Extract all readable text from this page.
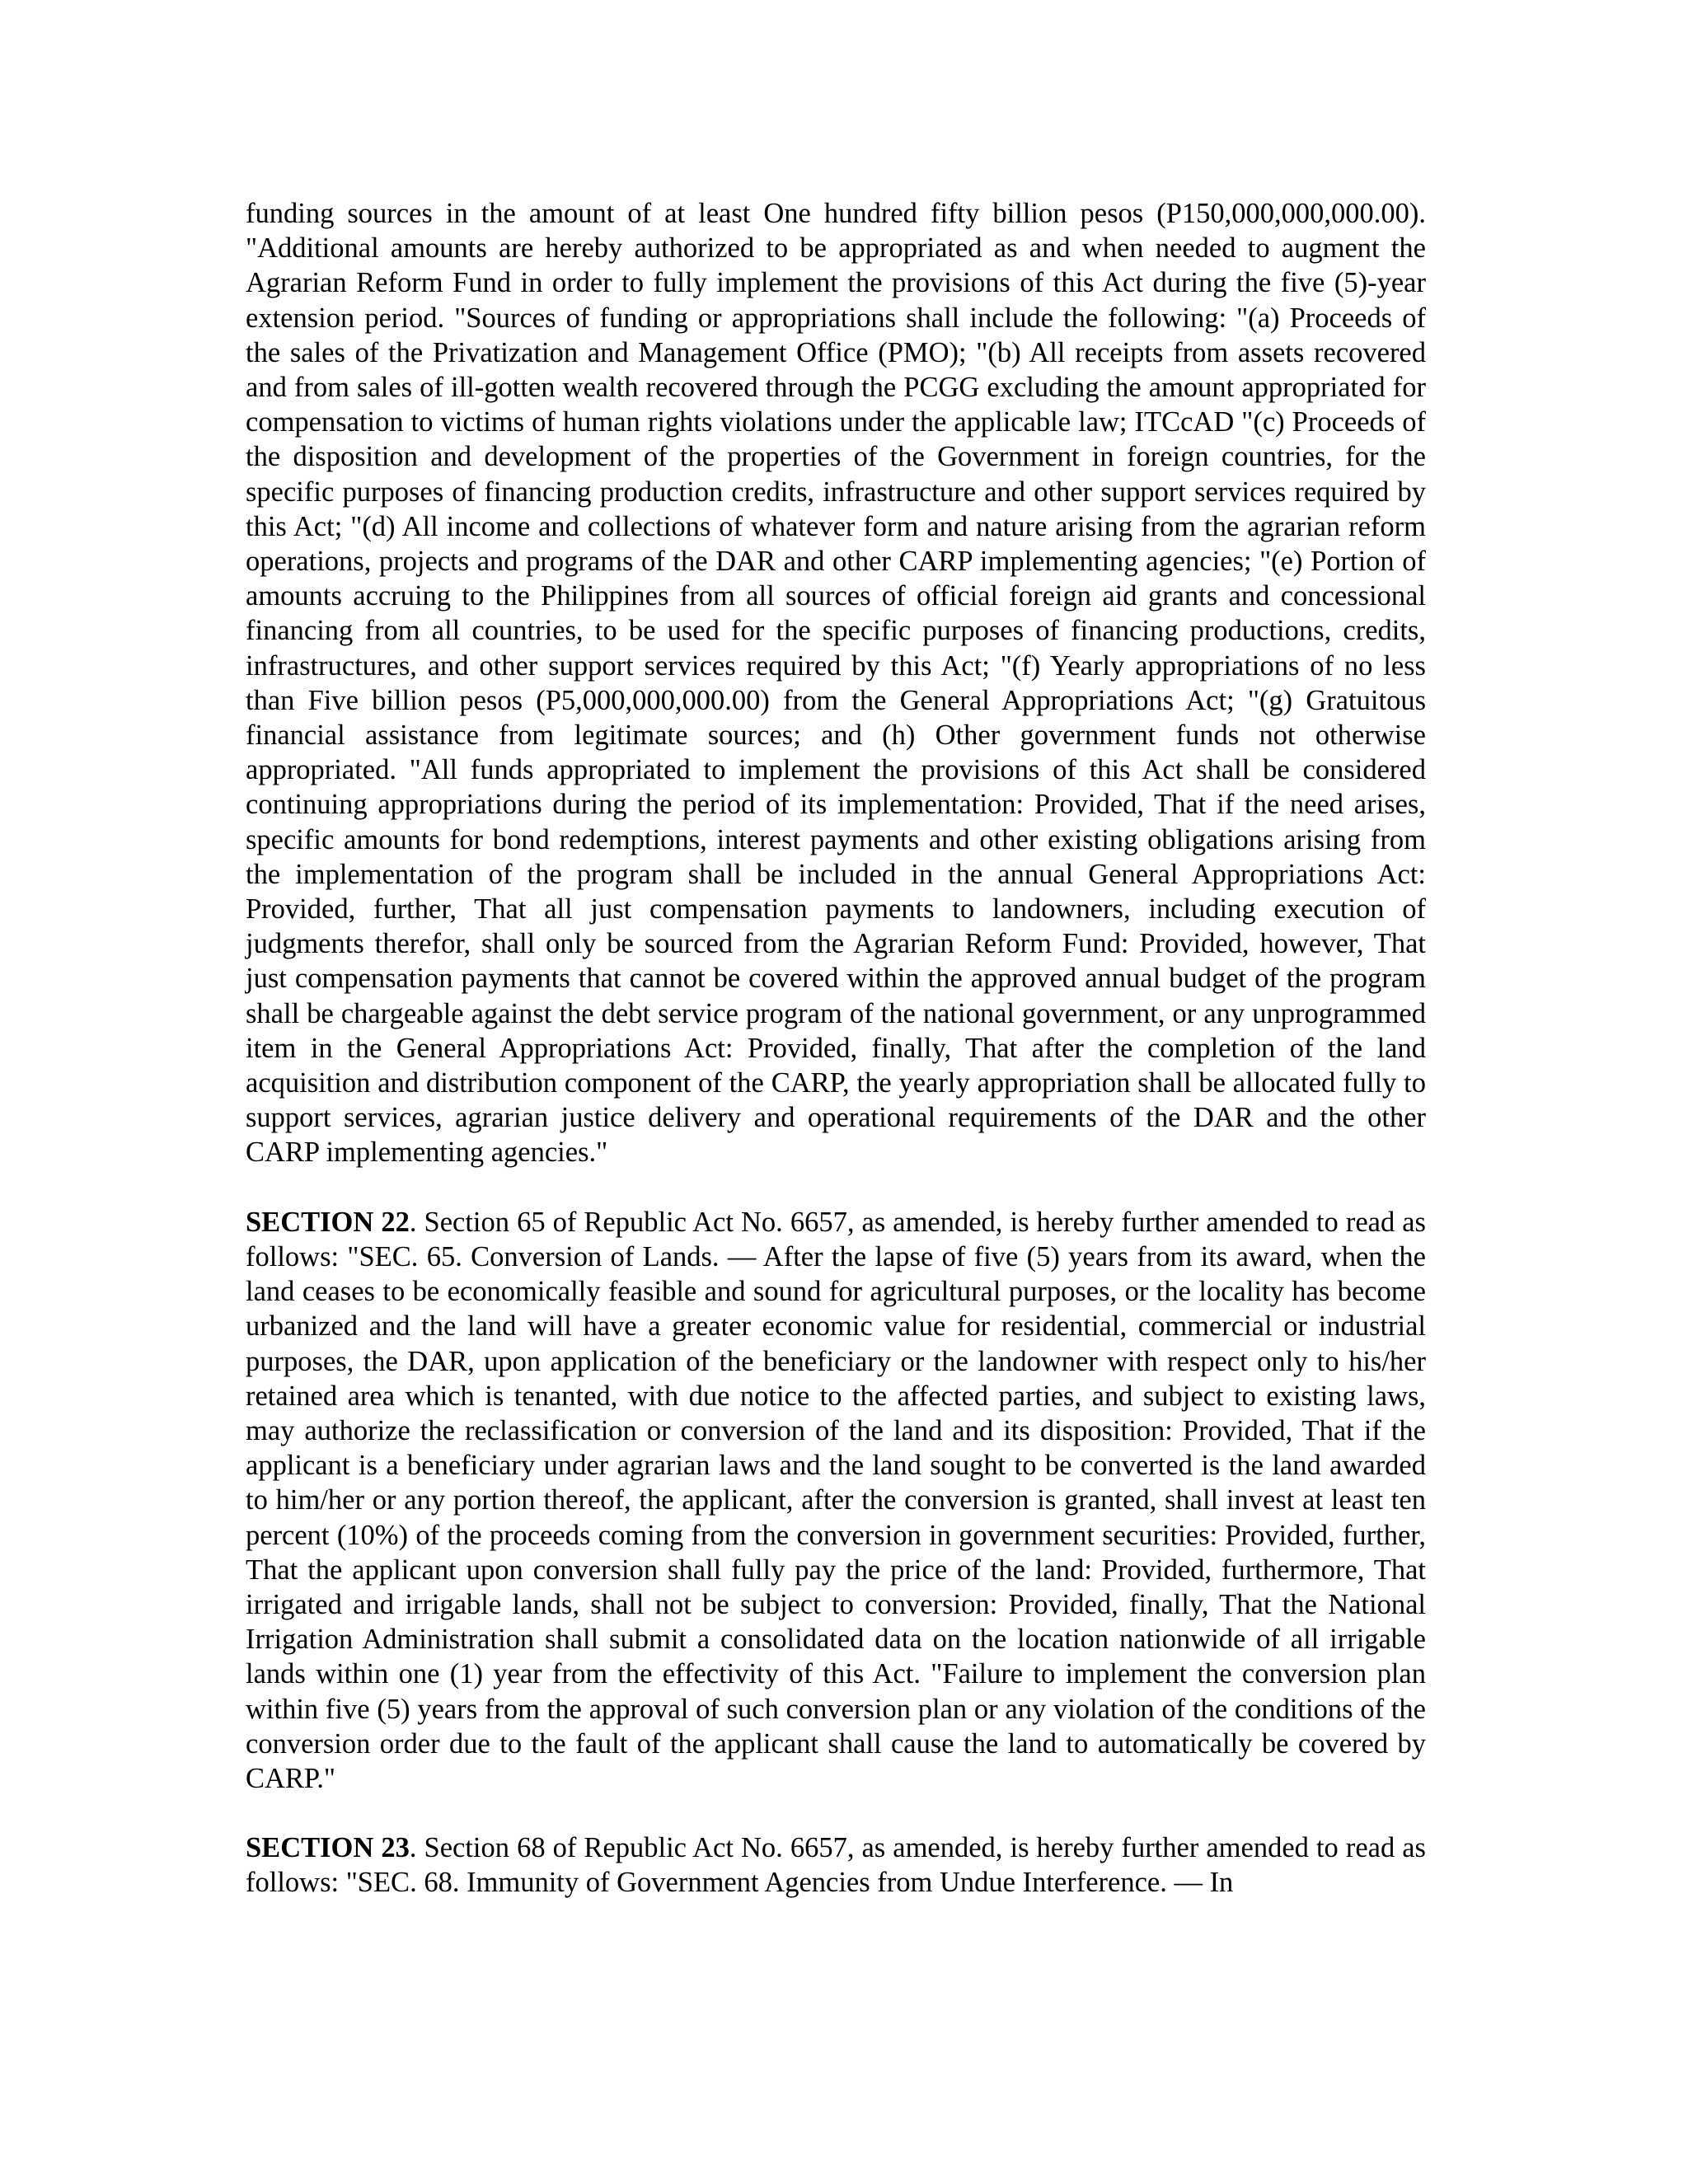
funding sources in the amount of at least One hundred fifty billion pesos (P150,000,000,000.00). "Additional amounts are hereby authorized to be appropriated as and when needed to augment the Agrarian Reform Fund in order to fully implement the provisions of this Act during the five (5)-year extension period. "Sources of funding or appropriations shall include the following: "(a) Proceeds of the sales of the Privatization and Management Office (PMO); "(b) All receipts from assets recovered and from sales of ill-gotten wealth recovered through the PCGG excluding the amount appropriated for compensation to victims of human rights violations under the applicable law; ITCcAD "(c) Proceeds of the disposition and development of the properties of the Government in foreign countries, for the specific purposes of financing production credits, infrastructure and other support services required by this Act; "(d) All income and collections of whatever form and nature arising from the agrarian reform operations, projects and programs of the DAR and other CARP implementing agencies; "(e) Portion of amounts accruing to the Philippines from all sources of official foreign aid grants and concessional financing from all countries, to be used for the specific purposes of financing productions, credits, infrastructures, and other support services required by this Act; "(f) Yearly appropriations of no less than Five billion pesos (P5,000,000,000.00) from the General Appropriations Act; "(g) Gratuitous financial assistance from legitimate sources; and (h) Other government funds not otherwise appropriated. "All funds appropriated to implement the provisions of this Act shall be considered continuing appropriations during the period of its implementation: Provided, That if the need arises, specific amounts for bond redemptions, interest payments and other existing obligations arising from the implementation of the program shall be included in the annual General Appropriations Act: Provided, further, That all just compensation payments to landowners, including execution of judgments therefor, shall only be sourced from the Agrarian Reform Fund: Provided, however, That just compensation payments that cannot be covered within the approved annual budget of the program shall be chargeable against the debt service program of the national government, or any unprogrammed item in the General Appropriations Act: Provided, finally, That after the completion of the land acquisition and distribution component of the CARP, the yearly appropriation shall be allocated fully to support services, agrarian justice delivery and operational requirements of the DAR and the other CARP implementing agencies."

SECTION 22. Section 65 of Republic Act No. 6657, as amended, is hereby further amended to read as follows: "SEC. 65. Conversion of Lands. — After the lapse of five (5) years from its award, when the land ceases to be economically feasible and sound for agricultural purposes, or the locality has become urbanized and the land will have a greater economic value for residential, commercial or industrial purposes, the DAR, upon application of the beneficiary or the landowner with respect only to his/her retained area which is tenanted, with due notice to the affected parties, and subject to existing laws, may authorize the reclassification or conversion of the land and its disposition: Provided, That if the applicant is a beneficiary under agrarian laws and the land sought to be converted is the land awarded to him/her or any portion thereof, the applicant, after the conversion is granted, shall invest at least ten percent (10%) of the proceeds coming from the conversion in government securities: Provided, further, That the applicant upon conversion shall fully pay the price of the land: Provided, furthermore, That irrigated and irrigable lands, shall not be subject to conversion: Provided, finally, That the National Irrigation Administration shall submit a consolidated data on the location nationwide of all irrigable lands within one (1) year from the effectivity of this Act. "Failure to implement the conversion plan within five (5) years from the approval of such conversion plan or any violation of the conditions of the conversion order due to the fault of the applicant shall cause the land to automatically be covered by CARP."

SECTION 23. Section 68 of Republic Act No. 6657, as amended, is hereby further amended to read as follows: "SEC. 68. Immunity of Government Agencies from Undue Interference. — In
